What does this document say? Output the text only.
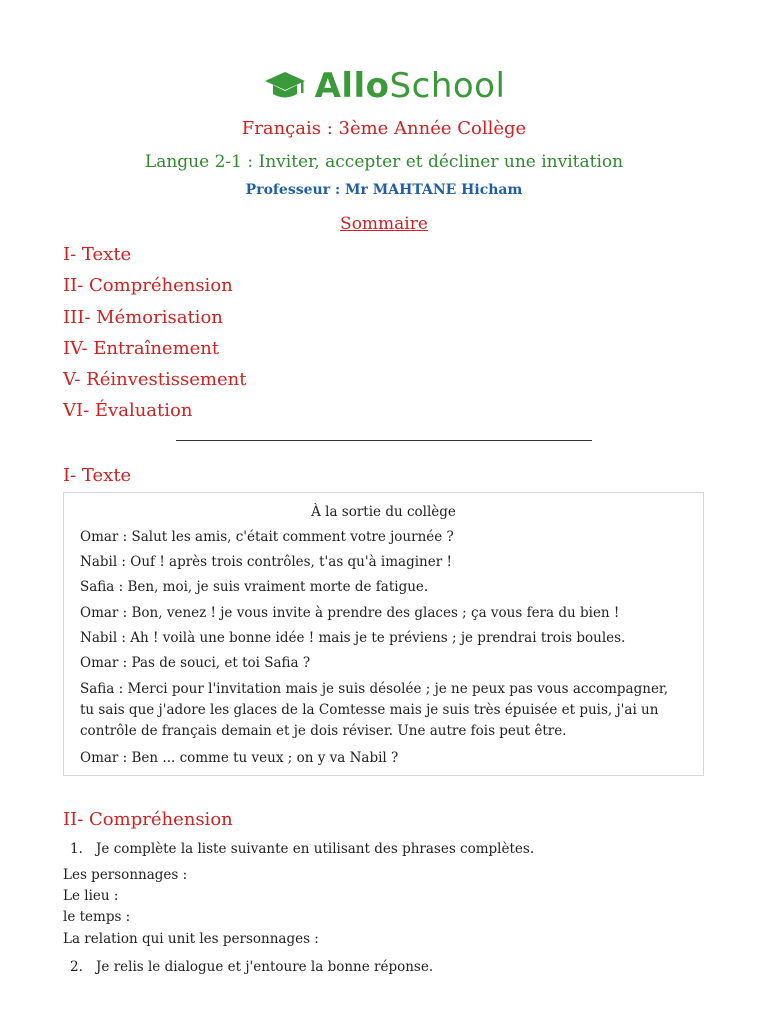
AlloSchool
Français : 3ème Année Collège
Langue 2-1 : Inviter, accepter et décliner une invitation
Professeur : Mr MAHTANE Hicham
Sommaire
I- Texte
II- Compréhension
III- Mémorisation
IV- Entraînement
V- Réinvestissement
VI- Évaluation
I- Texte
À la sortie du collège

Omar : Salut les amis, c'était comment votre journée ?

Nabil : Ouf ! après trois contrôles, t'as qu'à imaginer !

Safia : Ben, moi, je suis vraiment morte de fatigue.

Omar : Bon, venez ! je vous invite à prendre des glaces ; ça vous fera du bien !

Nabil : Ah ! voilà une bonne idée ! mais je te préviens ; je prendrai trois boules.

Omar : Pas de souci, et toi Safia ?

Safia : Merci pour l'invitation mais je suis désolée ; je ne peux pas vous accompagner, tu sais que j'adore les glaces de la Comtesse mais je suis très épuisée et puis, j'ai un contrôle de français demain et je dois réviser. Une autre fois peut être.

Omar : Ben ... comme tu veux ; on y va Nabil ?

II- Compréhension
1. Je complète la liste suivante en utilisant des phrases complètes.
Les personnages :
Le lieu :
le temps :
La relation qui unit les personnages :
2. Je relis le dialogue et j'entoure la bonne réponse.
